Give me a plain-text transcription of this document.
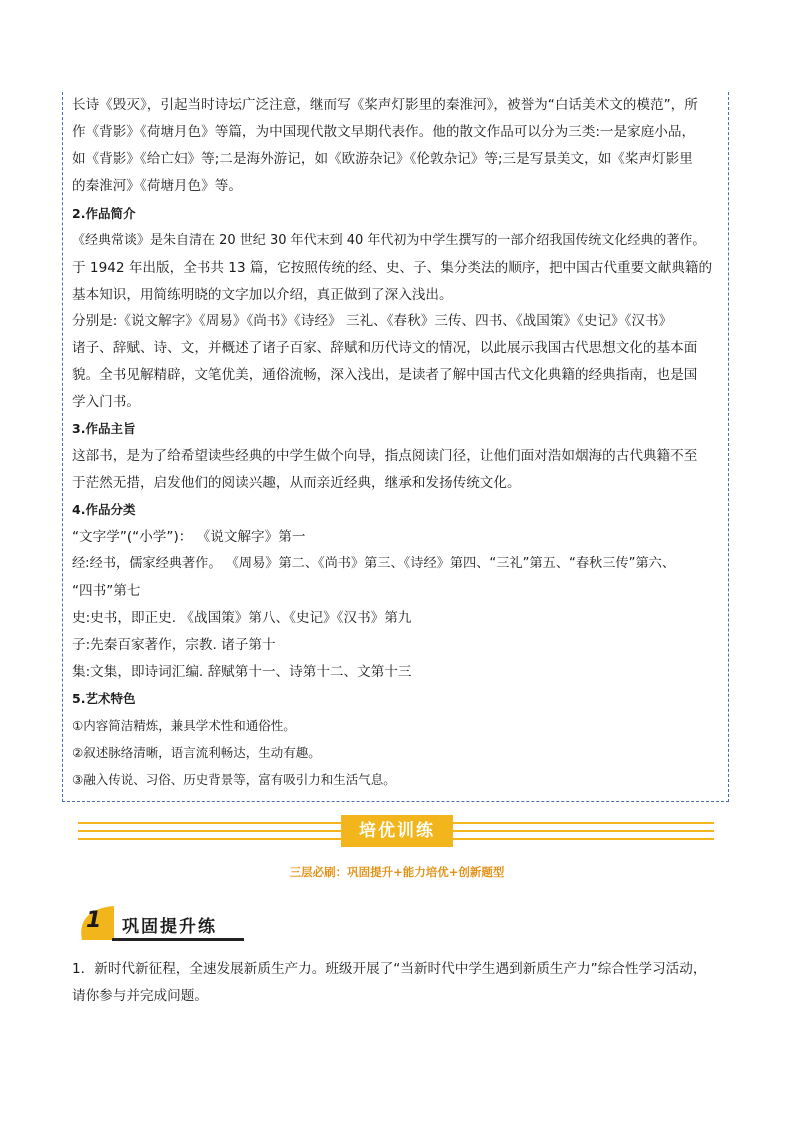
长诗《毁灭》，引起当时诗坛广泛注意，继而写《桨声灯影里的秦淮河》，被誉为“白话美术文的模范”，所
作《背影》《荷塘月色》等篇，为中国现代散文早期代表作。他的散文作品可以分为三类:一是家庭小品，
如《背影》《给亡妇》等;二是海外游记，如《欧游杂记》《伦敦杂记》等;三是写景美文，如《桨声灯影里
的秦淮河》《荷塘月色》等。
2.作品简介
《经典常谈》是朱自清在 20 世纪 30 年代末到 40 年代初为中学生撰写的一部介绍我国传统文化经典的著作。
于 1942 年出版，全书共 13 篇，它按照传统的经、史、子、集分类法的顺序，把中国古代重要文献典籍的
基本知识，用简练明晓的文字加以介绍，真正做到了深入浅出。
分别是:《说文解字》《周易》《尚书》《诗经》 三礼、《春秋》三传、四书、《战国策》《史记》《汉书》
诸子、辞赋、诗、文，并概述了诸子百家、辞赋和历代诗文的情况，以此展示我国古代思想文化的基本面
貌。全书见解精辟，文笔优美，通俗流畅，深入浅出，是读者了解中国古代文化典籍的经典指南，也是国
学入门书。
3.作品主旨
这部书，是为了给希望读些经典的中学生做个向导，指点阅读门径，让他们面对浩如烟海的古代典籍不至
于茫然无措，启发他们的阅读兴趣，从而亲近经典，继承和发扬传统文化。
4.作品分类
“文字学”(“小学”)： 《说文解字》第一
经:经书，儒家经典著作。 《周易》第二、《尚书》第三、《诗经》第四、“三礼”第五、“春秋三传”第六、
“四书”第七
史:史书，即正史. 《战国策》第八、《史记》《汉书》第九
子:先秦百家著作，宗教. 诸子第十
集:文集，即诗词汇编. 辞赋第十一、诗第十二、文第十三
5.艺术特色
①内容简洁精炼，兼具学术性和通俗性。
②叙述脉络清晰，语言流利畅达，生动有趣。
③融入传说、习俗、历史背景等，富有吸引力和生活气息。
培优训练
三层必刷：巩固提升+能力培优+创新题型
1 巩固提升练
1．新时代新征程，全速发展新质生产力。班级开展了“当新时代中学生遇到新质生产力”综合性学习活动，
请你参与并完成问题。
